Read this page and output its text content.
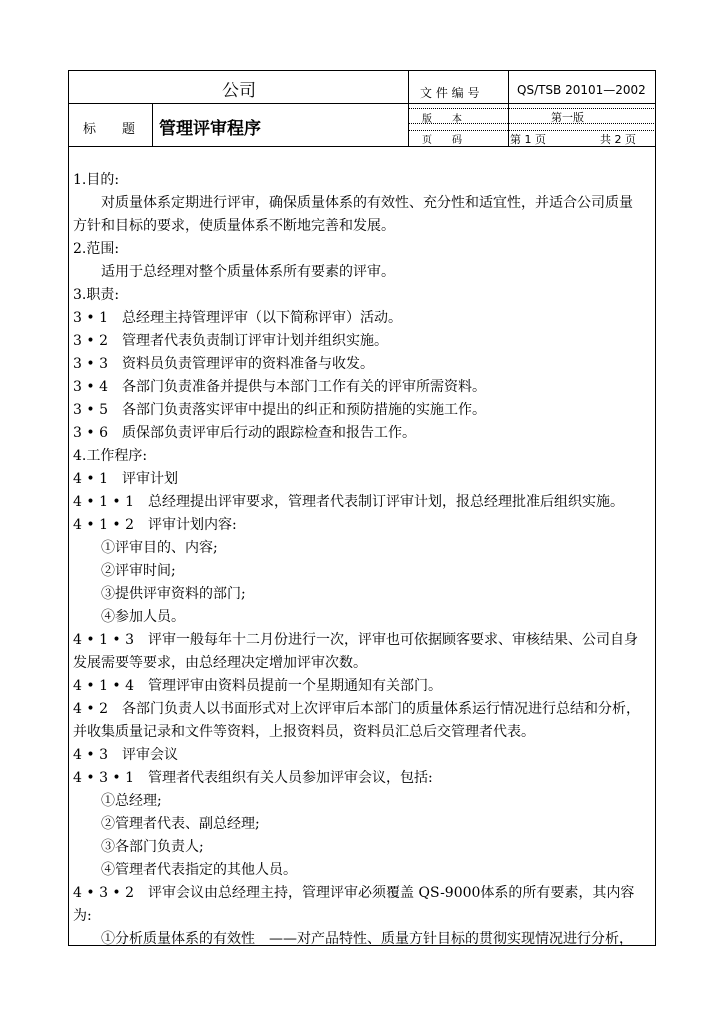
公司	文 件 编 号	QS/TSB 20101—2002
标　　题 管理评审程序	版　　本	第一版
页　　码	第 1 页	共 2 页
1.目的:
　　对质量体系定期进行评审，确保质量体系的有效性、充分性和适宜性，并适合公司质量
方针和目标的要求，使质量体系不断地完善和发展。
2.范围:
　　适用于总经理对整个质量体系所有要素的评审。
3.职责:
3 • 1　总经理主持管理评审（以下简称评审）活动。
3 • 2　管理者代表负责制订评审计划并组织实施。
3 • 3　资料员负责管理评审的资料准备与收发。
3 • 4　各部门负责准备并提供与本部门工作有关的评审所需资料。
3 • 5　各部门负责落实评审中提出的纠正和预防措施的实施工作。
3 • 6　质保部负责评审后行动的跟踪检查和报告工作。
4.工作程序:
4 • 1　评审计划
4 • 1 • 1　总经理提出评审要求，管理者代表制订评审计划，报总经理批准后组织实施。
4 • 1 • 2　评审计划内容:
　　①评审目的、内容;
　　②评审时间;
　　③提供评审资料的部门;
　　④参加人员。
4 • 1 • 3　评审一般每年十二月份进行一次，评审也可依据顾客要求、审核结果、公司自身
发展需要等要求，由总经理决定增加评审次数。
4 • 1 • 4　管理评审由资料员提前一个星期通知有关部门。
4 • 2　各部门负责人以书面形式对上次评审后本部门的质量体系运行情况进行总结和分析，
并收集质量记录和文件等资料，上报资料员，资料员汇总后交管理者代表。
4 • 3　评审会议
4 • 3 • 1　管理者代表组织有关人员参加评审会议，包括:
　　①总经理;
　　②管理者代表、副总经理;
　　③各部门负责人;
　　④管理者代表指定的其他人员。
4 • 3 • 2　评审会议由总经理主持，管理评审必须覆盖 QS-9000体系的所有要素，其内容
为:
　　①分析质量体系的有效性　——对产品特性、质量方针目标的贯彻实现情况进行分析，
